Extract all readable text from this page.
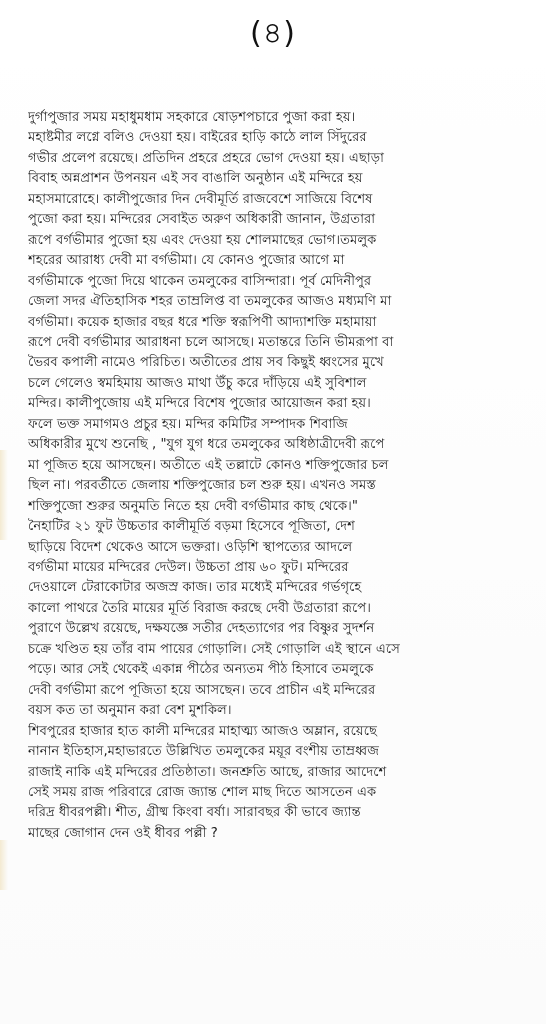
(৪)
দুর্গাপুজার সময় মহাধুমধাম সহকারে ষোড়শপচারে পুজা করা হয়।
মহাষ্টমীর লগ্নে বলিও দেওয়া হয়। বাইরের হাড়ি কাঠে লাল সিঁদুরের
গভীর প্রলেপ রয়েছে। প্রতিদিন প্রহরে প্রহরে ভোগ দেওয়া হয়। এছাড়া
বিবাহ অন্নপ্রাশন উপনয়ন এই সব বাঙালি অনুষ্ঠান এই মন্দিরে হয়
মহাসমারোহে। কালীপুজোর দিন দেবীমূর্তি রাজবেশে সাজিয়ে বিশেষ
পুজো করা হয়। মন্দিরের সেবাইত অরুণ অধিকারী জানান, উগ্রতারা
রূপে বর্গভীমার পুজো হয় এবং দেওয়া হয় শোলমাছের ভোগ।তমলুক
শহরের আরাধ্য দেবী মা বর্গভীমা। যে কোনও পুজোর আগে মা
বর্গভীমাকে পুজো দিয়ে থাকেন তমলুকের বাসিন্দারা। পূর্ব মেদিনীপুর
জেলা সদর ঐতিহাসিক শহর তাম্রলিপ্ত বা তমলুকের আজও মধ্যমণি মা
বর্গভীমা। কয়েক হাজার বছর ধরে শক্তি স্বরূপিণী আদ্যাশক্তি মহামায়া
রূপে দেবী বর্গভীমার আরাধনা চলে আসছে। মতান্তরে তিনি ভীমরূপা বা
ভৈরব কপালী নামেও পরিচিত। অতীতের প্রায় সব কিছুই ধ্বংসের মুখে
চলে গেলেও স্বমহিমায় আজও মাথা উঁচু করে দাঁড়িয়ে এই সুবিশাল
মন্দির। কালীপুজোয় এই মন্দিরে বিশেষ পুজোর আয়োজন করা হয়।
ফলে ভক্ত সমাগমও প্রচুর হয়। মন্দির কমিটির সম্পাদক শিবাজি
অধিকারীর মুখে শুনেছি , "যুগ যুগ ধরে তমলুকের অধিষ্ঠাত্রীদেবী রূপে
মা পূজিত হয়ে আসছেন। অতীতে এই তল্লাটে কোনও শক্তিপুজোর চল
ছিল না। পরবর্তীতে জেলায় শক্তিপুজোর চল শুরু হয়। এখনও সমস্ত
শক্তিপুজো শুরুর অনুমতি নিতে হয় দেবী বর্গভীমার কাছ থেকে।"
নৈহাটির ২১ ফুট উচ্চতার কালীমূর্তি বড়মা হিসেবে পূজিতা, দেশ
ছাড়িয়ে বিদেশ থেকেও আসে ভক্তরা। ওড়িশি স্থাপত্যের আদলে
বর্গভীমা মায়ের মন্দিরের দেউল। উচ্চতা প্রায় ৬০ ফুট। মন্দিরের
দেওয়ালে টেরাকোটার অজস্র কাজ। তার মধ্যেই মন্দিরের গর্ভগৃহে
কালো পাথরে তৈরি মায়ের মূর্তি বিরাজ করছে দেবী উগ্রতারা রূপে।
পুরাণে উল্লেখ রয়েছে, দক্ষযজ্ঞে সতীর দেহত্যাগের পর বিষ্ণুর সুদর্শন
চক্রে খণ্ডিত হয় তাঁর বাম পায়ের গোড়ালি। সেই গোড়ালি এই স্থানে এসে
পড়ে। আর সেই থেকেই একান্ন পীঠের অন্যতম পীঠ হিসাবে তমলুকে
দেবী বর্গভীমা রূপে পূজিতা হয়ে আসছেন। তবে প্রাচীন এই মন্দিরের
বয়স কত তা অনুমান করা বেশ মুশকিল।
শিবপুরের হাজার হাত কালী মন্দিরের মাহাত্ম্য আজও অম্লান, রয়েছে
নানান ইতিহাস,মহাভারতে উল্লিখিত তমলুকের ময়ূর বংশীয় তাম্রধ্বজ
রাজাই নাকি এই মন্দিরের প্রতিষ্ঠাতা। জনশ্রুতি আছে, রাজার আদেশে
সেই সময় রাজ পরিবারে রোজ জ্যান্ত শোল মাছ দিতে আসতেন এক
দরিদ্র ধীবরপল্লী। শীত, গ্রীষ্ম কিংবা বর্ষা। সারাবছর কী ভাবে জ্যান্ত
মাছের জোগান দেন ওই ধীবর পল্লী ?
